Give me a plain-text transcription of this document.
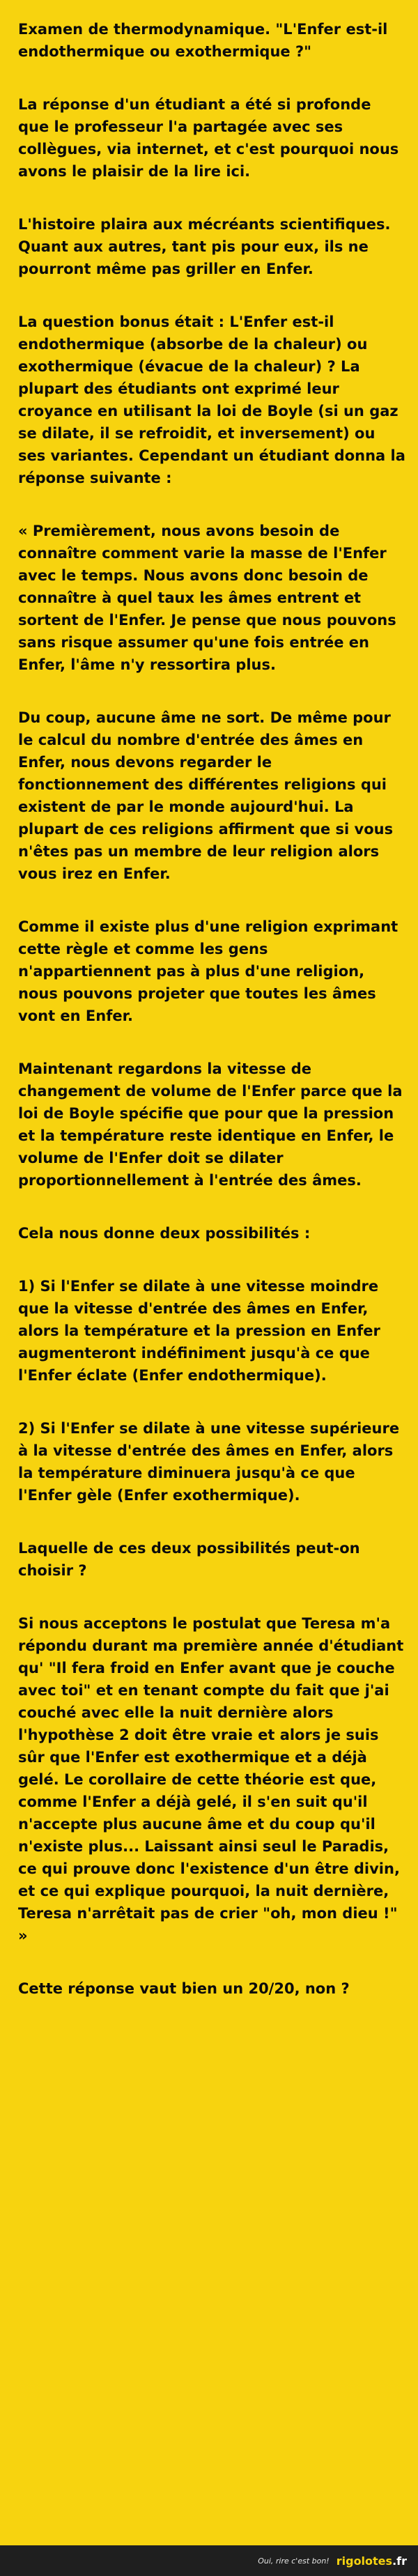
Examen de thermodynamique. "L'Enfer est-il endothermique ou exothermique ?"

La réponse d'un étudiant a été si profonde que le professeur l'a partagée avec ses collègues, via internet, et c'est pourquoi nous avons le plaisir de la lire ici.

L'histoire plaira aux mécréants scientifiques. Quant aux autres, tant pis pour eux, ils ne pourront même pas griller en Enfer.

La question bonus était : L'Enfer est-il endothermique (absorbe de la chaleur) ou exothermique (évacue de la chaleur) ? La plupart des étudiants ont exprimé leur croyance en utilisant la loi de Boyle (si un gaz se dilate, il se refroidit, et inversement) ou ses variantes. Cependant un étudiant donna la réponse suivante :

« Premièrement, nous avons besoin de connaître comment varie la masse de l'Enfer avec le temps. Nous avons donc besoin de connaître à quel taux les âmes entrent et sortent de l'Enfer. Je pense que nous pouvons sans risque assumer qu'une fois entrée en Enfer, l'âme n'y ressortira plus.

Du coup, aucune âme ne sort. De même pour le calcul du nombre d'entrée des âmes en Enfer, nous devons regarder le fonctionnement des différentes religions qui existent de par le monde aujourd'hui. La plupart de ces religions affirment que si vous n'êtes pas un membre de leur religion alors vous irez en Enfer.

Comme il existe plus d'une religion exprimant cette règle et comme les gens n'appartiennent pas à plus d'une religion, nous pouvons projeter que toutes les âmes vont en Enfer.

Maintenant regardons la vitesse de changement de volume de l'Enfer parce que la loi de Boyle spécifie que pour que la pression et la température reste identique en Enfer, le volume de l'Enfer doit se dilater proportionnellement à l'entrée des âmes.

Cela nous donne deux possibilités :

1) Si l'Enfer se dilate à une vitesse moindre que la vitesse d'entrée des âmes en Enfer, alors la température et la pression en Enfer augmenteront indéfiniment jusqu'à ce que l'Enfer éclate (Enfer endothermique).

2) Si l'Enfer se dilate à une vitesse supérieure à la vitesse d'entrée des âmes en Enfer, alors la température diminuera jusqu'à ce que l'Enfer gèle (Enfer exothermique).

Laquelle de ces deux possibilités peut-on choisir ?

Si nous acceptons le postulat que Teresa m'a répondu durant ma première année d'étudiant qu' "Il fera froid en Enfer avant que je couche avec toi" et en tenant compte du fait que j'ai couché avec elle la nuit dernière alors l'hypothèse 2 doit être vraie et alors je suis sûr que l'Enfer est exothermique et a déjà gelé. Le corollaire de cette théorie est que, comme l'Enfer a déjà gelé, il s'en suit qu'il n'accepte plus aucune âme et du coup qu'il n'existe plus... Laissant ainsi seul le Paradis, ce qui prouve donc l'existence d'un être divin, et ce qui explique pourquoi, la nuit dernière, Teresa n'arrêtait pas de crier "oh, mon dieu !" »

Cette réponse vaut bien un 20/20, non ?

Oui, rire c'est bon! rigolotes.fr
